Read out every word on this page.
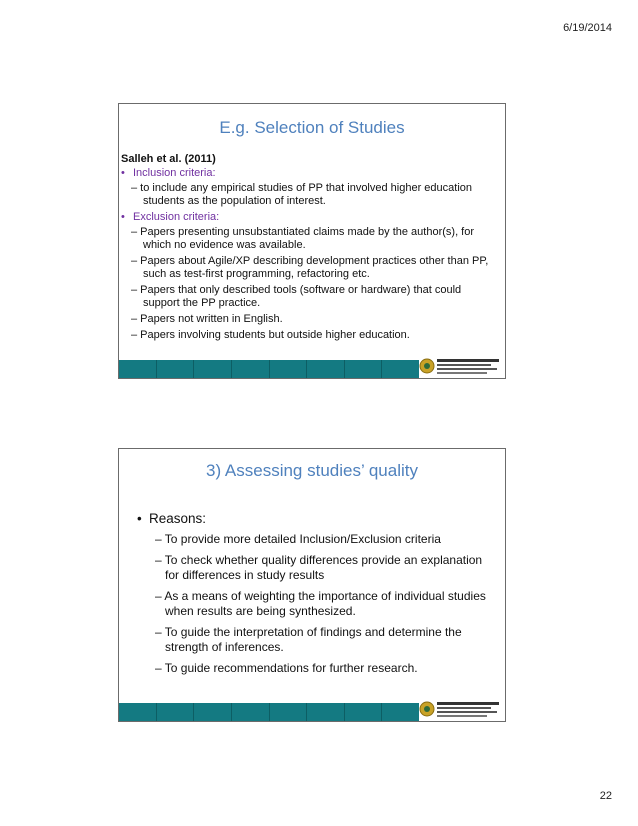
6/19/2014
E.g. Selection of Studies
Salleh et al. (2011)
• Inclusion criteria:
– to include any empirical studies of PP that involved higher education students as the population of interest.
• Exclusion criteria:
– Papers presenting unsubstantiated claims made by the author(s), for which no evidence was available.
– Papers about Agile/XP describing development practices other than PP, such as test-first programming, refactoring etc.
– Papers that only described tools (software or hardware) that could support the PP practice.
– Papers not written in English.
– Papers involving students but outside higher education.
3) Assessing studies’ quality
• Reasons:
– To provide more detailed Inclusion/Exclusion criteria
– To check whether quality differences provide an explanation for differences in study results
– As a means of weighting the importance of individual studies when results are being synthesized.
– To guide the interpretation of findings and determine the strength of inferences.
– To guide recommendations for further research.
22
